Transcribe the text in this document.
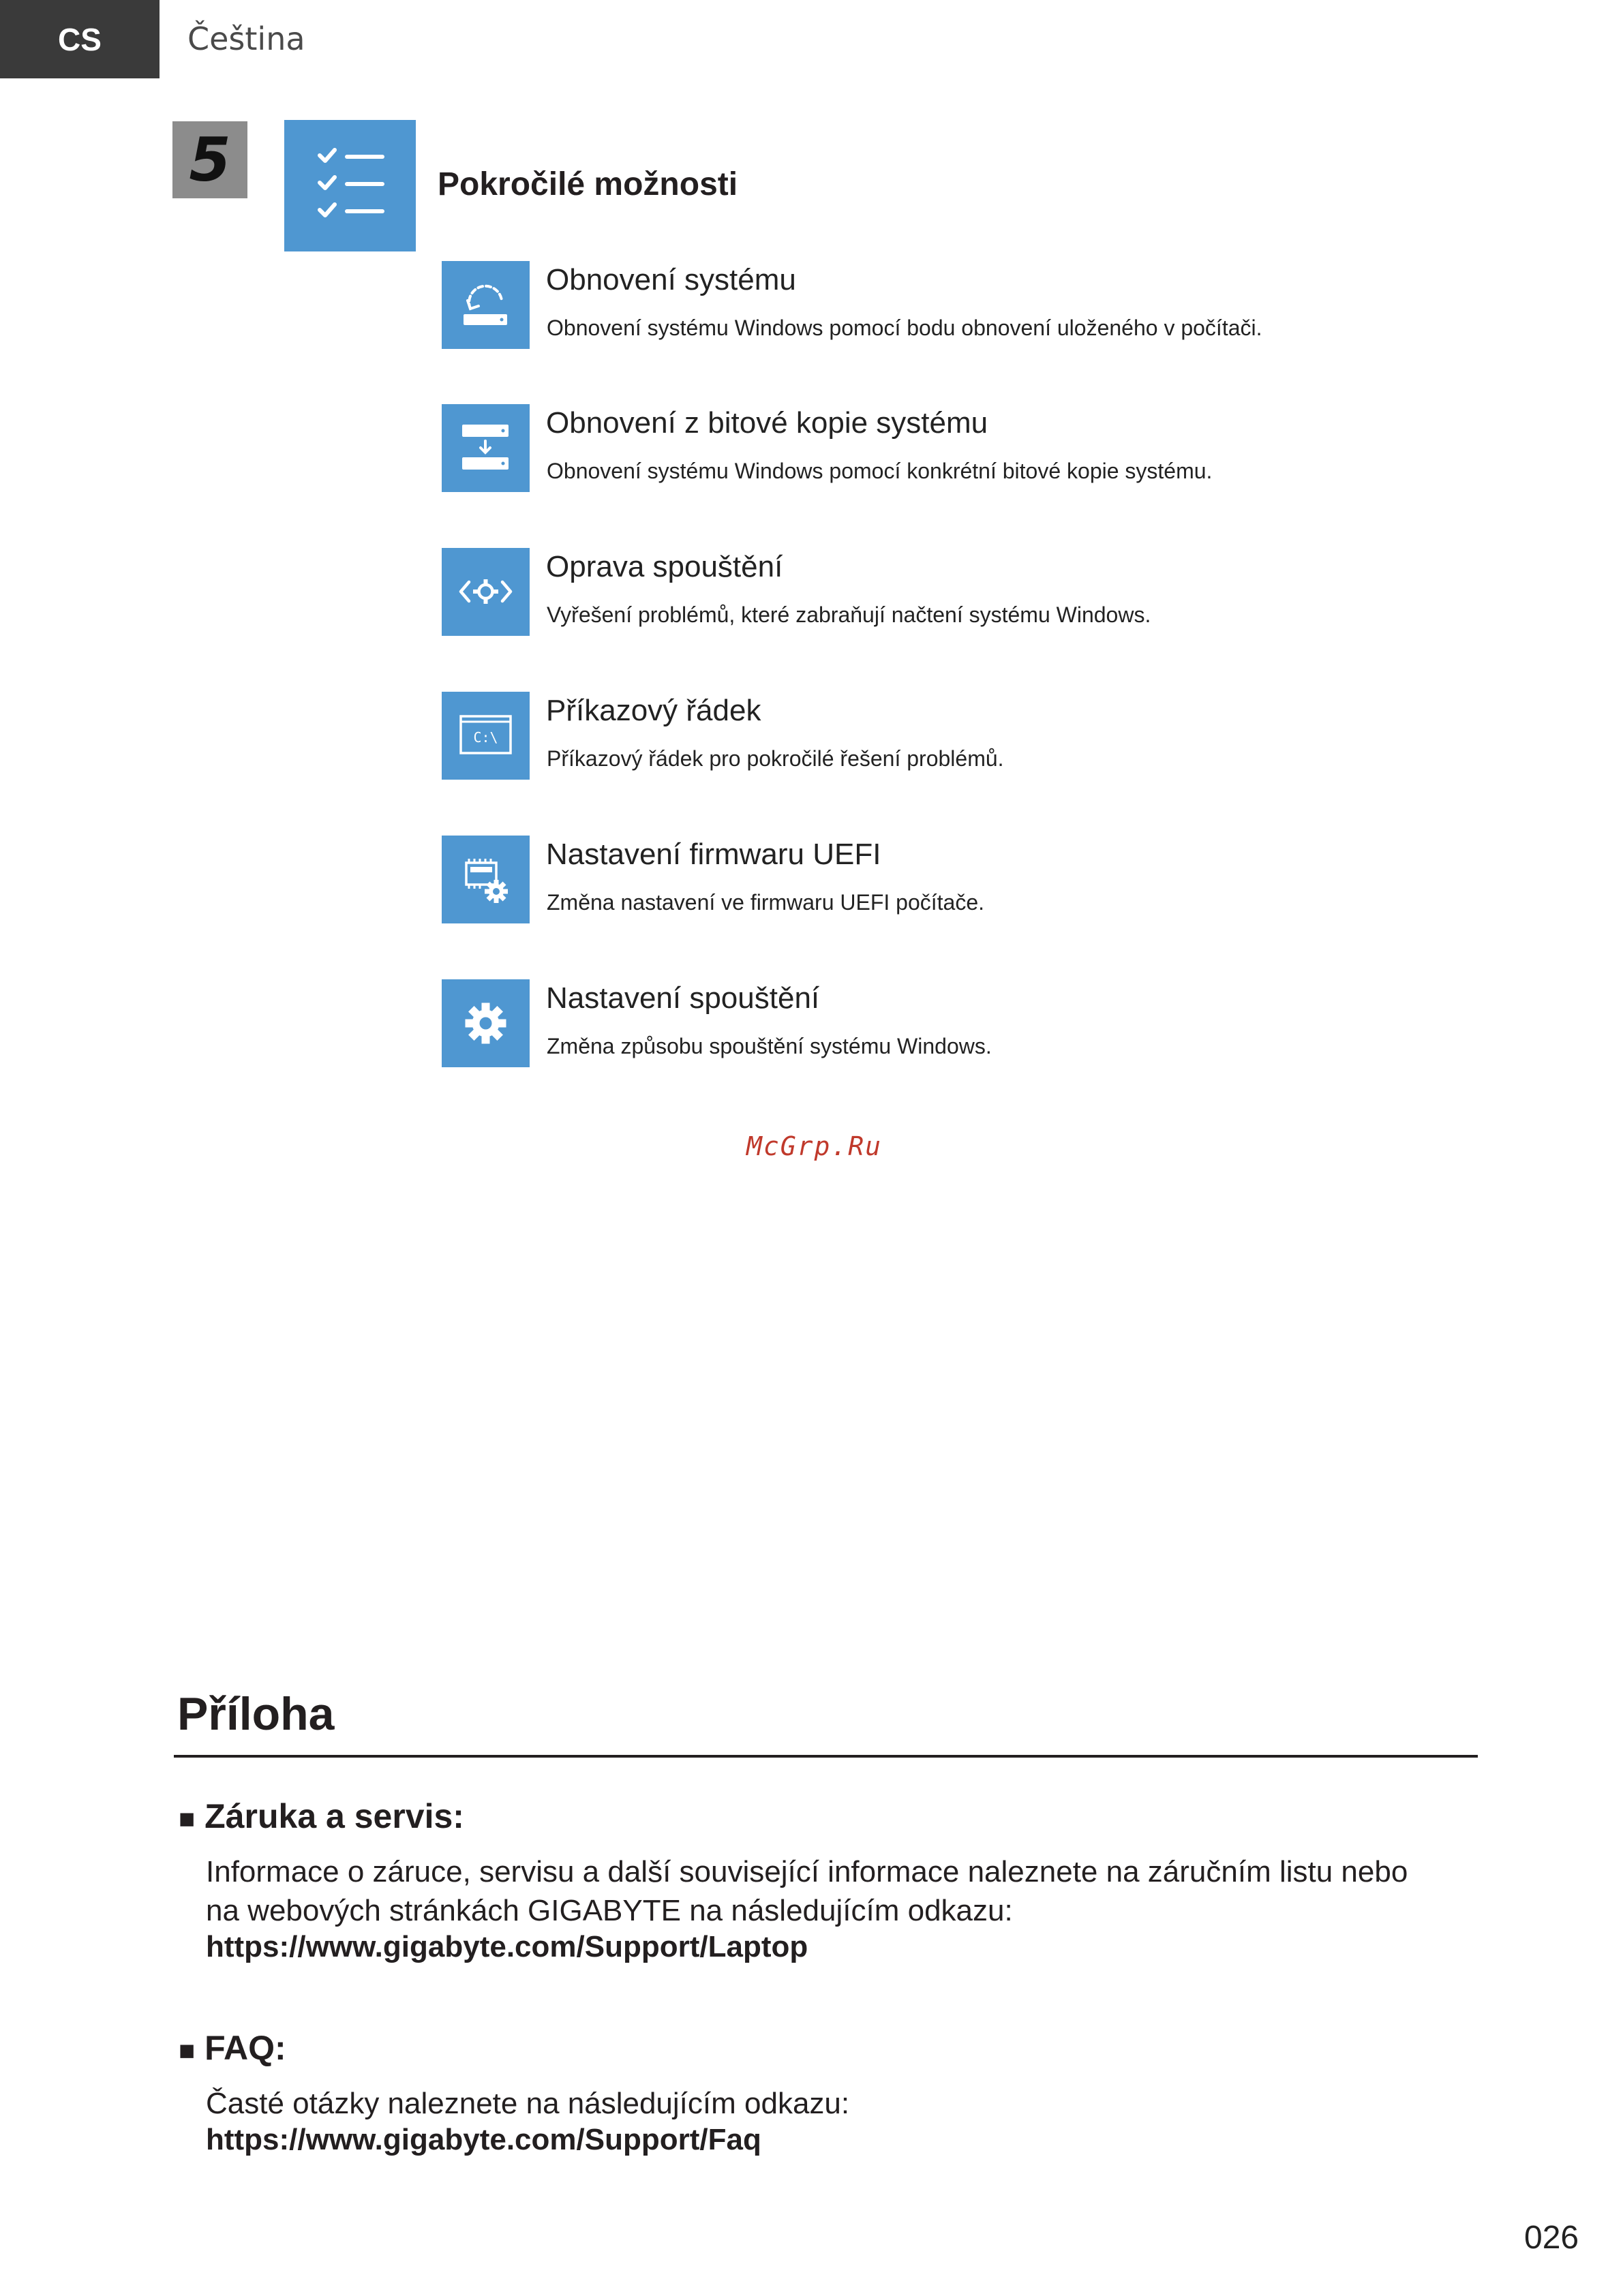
CS	Čeština
5	Pokročilé možnosti
Obnovení systému
Obnovení systému Windows pomocí bodu obnovení uloženého v počítači.
Obnovení z bitové kopie systému
Obnovení systému Windows pomocí konkrétní bitové kopie systému.
Oprava spouštění
Vyřešení problémů, které zabraňují načtení systému Windows.
C:\
Příkazový řádek
Příkazový řádek pro pokročilé řešení problémů.
Nastavení firmwaru UEFI
Změna nastavení ve firmwaru UEFI počítače.
Nastavení spouštění
Změna způsobu spouštění systému Windows.
McGrp.Ru
Příloha
■ Záruka a servis:
Informace o záruce, servisu a další související informace naleznete na záručním listu nebo
na webových stránkách GIGABYTE na následujícím odkazu:
https://www.gigabyte.com/Support/Laptop
■ FAQ:
Časté otázky naleznete na následujícím odkazu:
https://www.gigabyte.com/Support/Faq
026
